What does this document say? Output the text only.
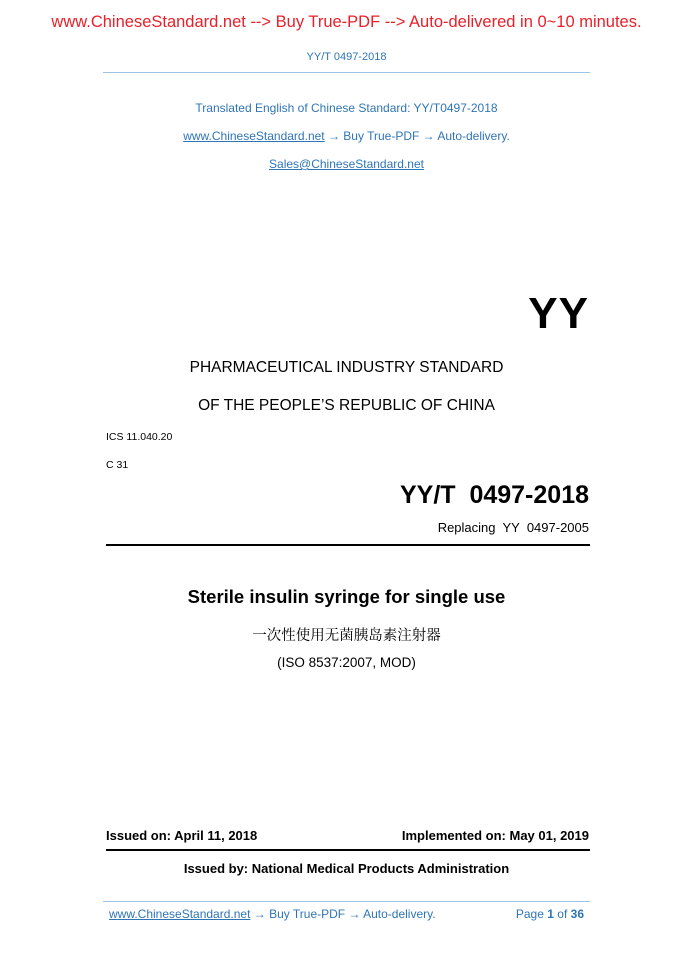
www.ChineseStandard.net --> Buy True-PDF --> Auto-delivered in 0~10 minutes.
YY/T 0497-2018
Translated English of Chinese Standard: YY/T0497-2018
www.ChineseStandard.net → Buy True-PDF → Auto-delivery.
Sales@ChineseStandard.net
YY
PHARMACEUTICAL INDUSTRY STANDARD
OF THE PEOPLE’S REPUBLIC OF CHINA
ICS 11.040.20
C 31
YY/T  0497-2018
Replacing  YY  0497-2005
Sterile insulin syringe for single use
一次性使用无菌胰岛素注射器
(ISO 8537:2007, MOD)
Issued on: April 11, 2018	Implemented on: May 01, 2019
Issued by: National Medical Products Administration
www.ChineseStandard.net → Buy True-PDF → Auto-delivery.	Page 1 of 36
